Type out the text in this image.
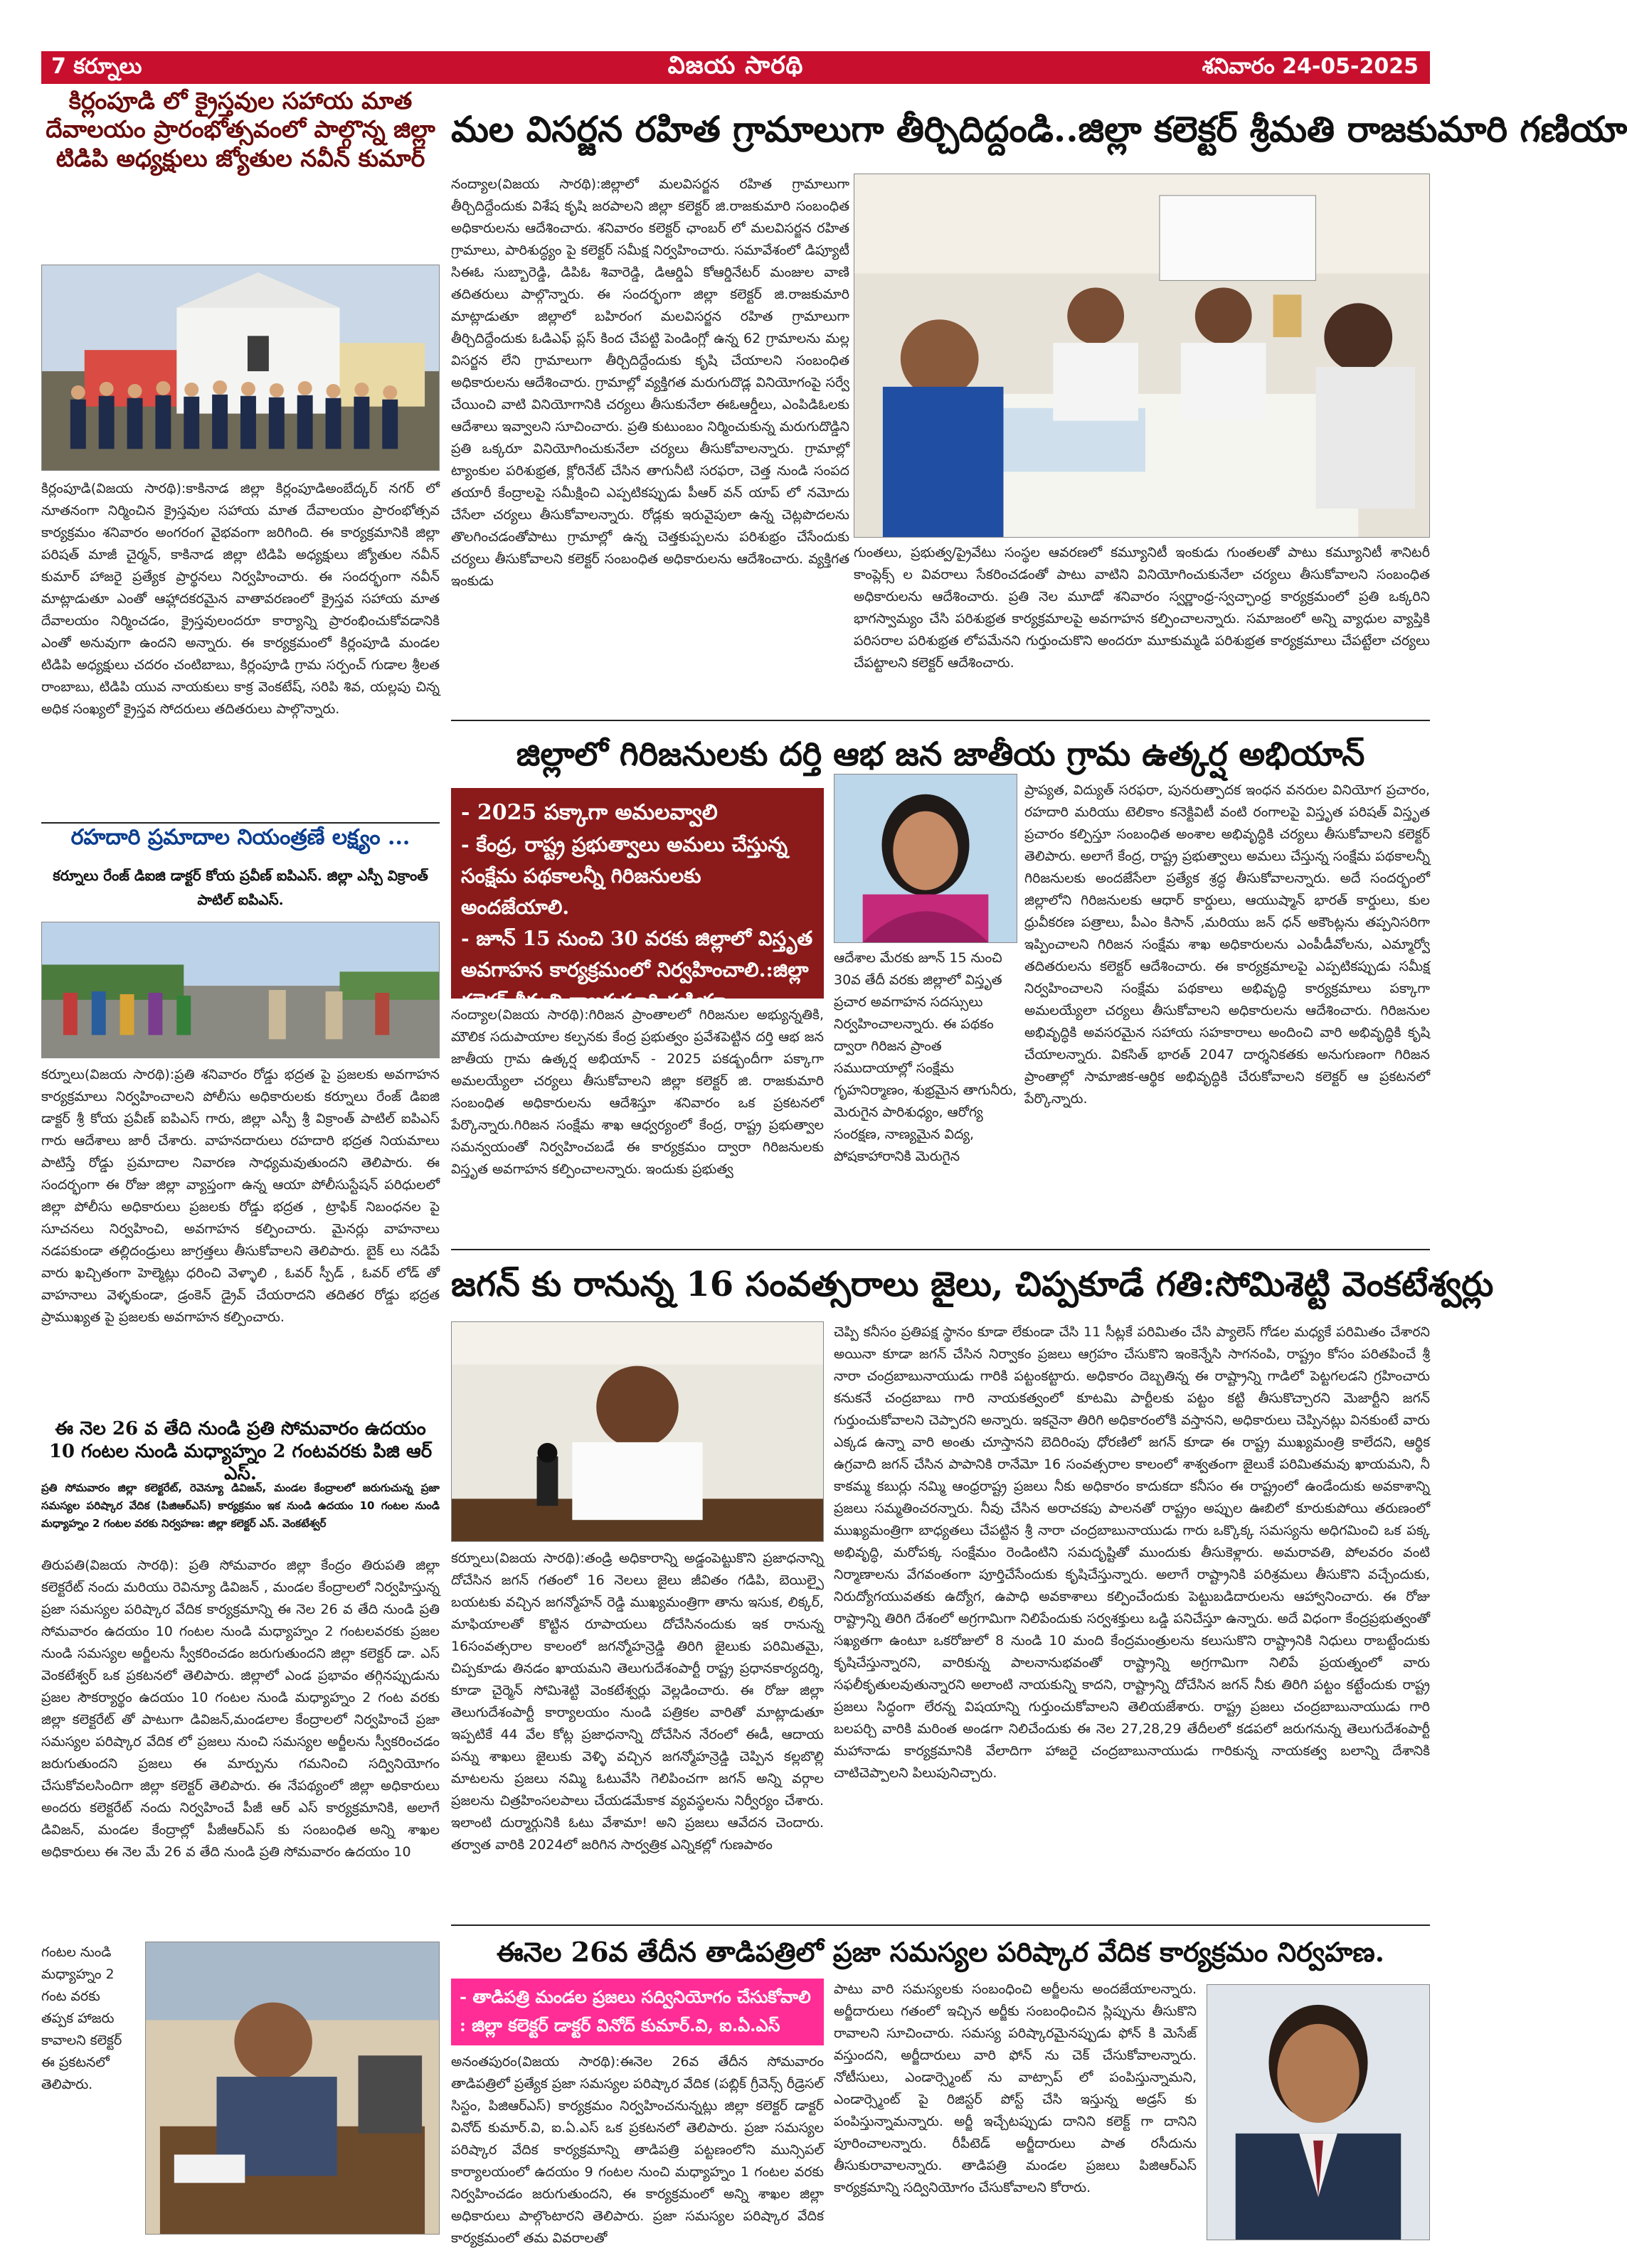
7 కర్నూలు	విజయ సారథి	శనివారం 24-05-2025
కిర్లంపూడి లో క్రైస్తవుల సహాయ మాత దేవాలయం ప్రారంభోత్సవంలో పాల్గొన్న జిల్లా టిడిపి అధ్యక్షులు జ్యోతుల నవీన్ కుమార్

కిర్లంపూడి(విజయ సారథి):కాకినాడ జిల్లా కిర్లంపూడిఅంబేద్కర్ నగర్ లో నూతనంగా నిర్మించిన క్రైస్తవుల సహాయ మాత దేవాలయం ప్రారంభోత్సవ కార్యక్రమం శనివారం అంగరంగ వైభవంగా జరిగింది. ఈ కార్యక్రమానికి జిల్లా పరిషత్ మాజీ చైర్మన్, కాకినాడ జిల్లా టిడిపి అధ్యక్షులు జ్యోతుల నవీన్ కుమార్ హాజరై ప్రత్యేక ప్రార్థనలు నిర్వహించారు. ఈ సందర్భంగా నవీన్ మాట్లాడుతూ ఎంతో ఆహ్లాదకరమైన వాతావరణంలో క్రైస్తవ సహాయ మాత దేవాలయం నిర్మించడం, క్రైస్తవులందరూ కార్యాన్ని ప్రారంభించుకోవడానికి ఎంతో అనువుగా ఉందని అన్నారు. ఈ కార్యక్రమంలో కిర్లంపూడి మండల టిడిపి అధ్యక్షులు చదరం చంటిబాబు, కిర్లంపూడి గ్రామ సర్పంచ్ గుడాల శ్రీలత రాంబాబు, టిడిపి యువ నాయకులు కాక్ర వెంకటేష్, సరిపి శివ, యల్లపు చిన్న అధిక సంఖ్యలో క్రైస్తవ సోదరులు తదితరులు పాల్గొన్నారు.

రహదారి ప్రమాదాల నియంత్రణే లక్ష్యం ...

కర్నూలు రేంజ్ డిఐజి డాక్టర్ కోయ ప్రవీణ్ ఐపిఎస్. జిల్లా ఎస్పీ విక్రాంత్ పాటిల్ ఐపిఎస్.

కర్నూలు(విజయ సారథి):ప్రతి శనివారం రోడ్డు భద్రత పై ప్రజలకు అవగాహన కార్యక్రమాలు నిర్వహించాలని పోలీసు అధికారులకు కర్నూలు రేంజ్ డిఐజి డాక్టర్ శ్రీ కోయ ప్రవీణ్ ఐపిఎస్ గారు, జిల్లా ఎస్పీ శ్రీ విక్రాంత్ పాటిల్ ఐపిఎస్ గారు ఆదేశాలు జారీ చేశారు. వాహనదారులు రహదారి భద్రత నియమాలు పాటిస్తే రోడ్డు ప్రమాదాల నివారణ సాధ్యమవుతుందని తెలిపారు. ఈ సందర్భంగా ఈ రోజు జిల్లా వ్యాప్తంగా ఉన్న ఆయా పోలీసుస్టేషన్ పరిధులలో జిల్లా పోలీసు అధికారులు ప్రజలకు రోడ్డు భద్రత , ట్రాఫిక్ నిబంధనల పై సూచనలు నిర్వహించి, అవగాహన కల్పించారు. మైనర్లు వాహనాలు నడపకుండా తల్లిదండ్రులు జాగ్రత్తలు తీసుకోవాలని తెలిపారు. బైక్ లు నడిపే వారు ఖచ్చితంగా హెల్మెట్లు ధరించి వెళ్ళాలి , ఓవర్ స్పీడ్ , ఓవర్ లోడ్ తో వాహనాలు వెళ్ళకుండా, డ్రంకెన్ డ్రైవ్ చేయరాదని తదితర రోడ్డు భద్రత ప్రాముఖ్యత పై ప్రజలకు అవగాహన కల్పించారు.

ఈ నెల 26 వ తేది నుండి ప్రతి సోమవారం ఉదయం 10 గంటల నుండి మధ్యాహ్నం 2 గంటవరకు పిజి ఆర్ ఎస్.

ప్రతి సోమవారం జిల్లా కలెక్టరేట్, రెవెన్యూ డివిజన్, మండల కేంద్రాలలో జరుగుచున్న ప్రజా సమస్యల పరిష్కార వేదిక (పిజిఆర్ఎస్) కార్యక్రమం ఇక నుండి ఉదయం 10 గంటల నుండి మధ్యాహ్నం 2 గంటల వరకు నిర్వహణ: జిల్లా కలెక్టర్ ఎస్. వెంకటేశ్వర్

తిరుపతి(విజయ సారథి): ప్రతి సోమవారం జిల్లా కేంద్రం తిరుపతి జిల్లా కలెక్టరేట్ నందు మరియు రెవిన్యూ డివిజన్ , మండల కేంద్రాలలో నిర్వహిస్తున్న ప్రజా సమస్యల పరిష్కార వేదిక కార్యక్రమాన్ని ఈ నెల 26 వ తేది నుండి ప్రతి సోమవారం ఉదయం 10 గంటల నుండి మధ్యాహ్నం 2 గంటలవరకు ప్రజల నుండి సమస్యల అర్జీలను స్వీకరించడం జరుగుతుందని జిల్లా కలెక్టర్ డా. ఎస్ వెంకటేశ్వర్ ఒక ప్రకటనలో తెలిపారు. జిల్లాలో ఎండ ప్రభావం తగ్గినప్పుడును ప్రజల సౌకర్యార్థం ఉదయం 10 గంటల నుండి మధ్యాహ్నం 2 గంట వరకు జిల్లా కలెక్టరేట్ తో పాటుగా డివిజన్,మండలాల కేంద్రాలలో నిర్వహించే ప్రజా సమస్యల పరిష్కార వేదిక లో ప్రజలు నుంచి సమస్యల అర్జీలను స్వీకరించడం జరుగుతుందని ప్రజలు ఈ మార్పును గమనించి సద్వినియోగం చేసుకోవలసిందిగా జిల్లా కలెక్టర్ తెలిపారు. ఈ నేపథ్యంలో జిల్లా అధికారులు అందరు కలెక్టరేట్ నందు నిర్వహించే పీజీ ఆర్ ఎస్ కార్యక్రమానికి, అలాగే డివిజన్, మండల కేంద్రాల్లో పీజీఆర్ఎస్ కు సంబంధిత అన్ని శాఖల అధికారులు ఈ నెల మే 26 వ తేది నుండి ప్రతి సోమవారం ఉదయం 10

గంటల నుండి మధ్యాహ్నం 2 గంట వరకు తప్పక హాజరు కావాలని కలెక్టర్ ఈ ప్రకటనలో తెలిపారు.

మల విసర్జన రహిత గ్రామాలుగా తీర్చిదిద్దండి..జిల్లా కలెక్టర్ శ్రీమతి రాజకుమారి గణియా

నంద్యాల(విజయ సారథి):జిల్లాలో మలవిసర్జన రహిత గ్రామాలుగా తీర్చిదిద్దేందుకు విశేష కృషి జరపాలని జిల్లా కలెక్టర్ జి.రాజకుమారి సంబంధిత అధికారులను ఆదేశించారు. శనివారం కలెక్టర్ ఛాంబర్ లో మలవిసర్జన రహిత గ్రామాలు, పారిశుద్ధ్యం పై కలెక్టర్ సమీక్ష నిర్వహించారు. సమావేశంలో డిప్యూటీ సిఈఓ సుబ్బారెడ్డి, డిపిఓ శివారెడ్డి, డిఆర్డిఏ కోఆర్డినేటర్ మంజుల వాణి తదితరులు పాల్గొన్నారు. ఈ సందర్భంగా జిల్లా కలెక్టర్ జి.రాజకుమారి మాట్లాడుతూ జిల్లాలో బహిరంగ మలవిసర్జన రహిత గ్రామాలుగా తీర్చిదిద్దేందుకు ఓడిఎఫ్ ప్లస్ కింద చేపట్టి పెండింగ్లో ఉన్న 62 గ్రామాలను మల్ల విసర్జన లేని గ్రామాలుగా తీర్చిదిద్దేందుకు కృషి చేయాలని సంబంధిత అధికారులను ఆదేశించారు. గ్రామాల్లో వ్యక్తిగత మరుగుదొడ్ల వినియోగంపై సర్వే చేయించి వాటి వినియోగానికి చర్యలు తీసుకునేలా ఈఓఆర్డీలు, ఎంపిడిఓలకు ఆదేశాలు ఇవ్వాలని సూచించారు. ప్రతి కుటుంబం నిర్మించుకున్న మరుగుదొడ్డిని ప్రతి ఒక్కరూ వినియోగించుకునేలా చర్యలు తీసుకోవాలన్నారు. గ్రామాల్లో ట్యాంకుల పరిశుభ్రత, క్లోరినేట్ చేసిన తాగునీటి సరఫరా, చెత్త నుండి సంపద తయారీ కేంద్రాలపై సమీక్షించి ఎప్పటికప్పుడు పీఆర్ వన్ యాప్ లో నమోదు చేసేలా చర్యలు తీసుకోవాలన్నారు. రోడ్లకు ఇరువైపులా ఉన్న చెట్లపొదలను తొలగించడంతోపాటు గ్రామాల్లో ఉన్న చెత్తకుప్పలను పరిశుభ్రం చేసేందుకు చర్యలు తీసుకోవాలని కలెక్టర్ సంబంధిత అధికారులను ఆదేశించారు. వ్యక్తిగత ఇంకుడు

గుంతలు, ప్రభుత్వ/ప్రైవేటు సంస్థల ఆవరణలో కమ్యూనిటీ ఇంకుడు గుంతలతో పాటు కమ్యూనిటీ శానిటరీ కాంప్లెక్స్ ల వివరాలు సేకరించడంతో పాటు వాటిని వినియోగించుకునేలా చర్యలు తీసుకోవాలని సంబంధిత అధికారులను ఆదేశించారు. ప్రతి నెల మూడో శనివారం స్వర్ణాంధ్ర-స్వచ్ఛాంధ్ర కార్యక్రమంలో ప్రతి ఒక్కరిని భాగస్వామ్యం చేసి పరిశుభ్రత కార్యక్రమాలపై అవగాహన కల్పించాలన్నారు. సమాజంలో అన్ని వ్యాధుల వ్యాప్తికి పరిసరాల పరిశుభ్రత లోపమేనని గుర్తుంచుకొని అందరూ మూకుమ్మడి పరిశుభ్రత కార్యక్రమాలు చేపట్టేలా చర్యలు చేపట్టాలని కలెక్టర్ ఆదేశించారు.

జిల్లాలో గిరిజనులకు దర్తి ఆభ జన జాతీయ గ్రామ ఉత్కర్ష అభియాన్
- 2025 పక్కాగా అమలవ్వాలి
- కేంద్ర, రాష్ట్ర ప్రభుత్వాలు అమలు చేస్తున్న సంక్షేమ పథకాలన్నీ గిరిజనులకు అందజేయాలి.
- జూన్ 15 నుంచి 30 వరకు జిల్లాలో విస్తృత అవగాహన కార్యక్రమంలో నిర్వహించాలి.:జిల్లా కలెక్టర్ శ్రీమతి రాజకుమారి గణియా.

ఆదేశాల మేరకు జూన్ 15 నుంచి 30వ తేదీ వరకు జిల్లాలో విస్తృత ప్రచార అవగాహన సదస్సులు నిర్వహించాలన్నారు. ఈ పథకం ద్వారా గిరిజన ప్రాంత సముదాయాల్లో సంక్షేమ గృహనిర్మాణం, శుభ్రమైన తాగునీరు, మెరుగైన పారిశుధ్యం, ఆరోగ్య సంరక్షణ, నాణ్యమైన విద్య, పోషకాహారానికి మెరుగైన

నంద్యాల(విజయ సారథి):గిరిజన ప్రాంతాలలో గిరిజనుల అభ్యున్నతికి, మౌలిక సదుపాయాల కల్పనకు కేంద్ర ప్రభుత్వం ప్రవేశపెట్టిన దర్తి ఆభ జన జాతీయ గ్రామ ఉత్కర్ష అభియాన్ - 2025 పకడ్బందీగా పక్కాగా అమలయ్యేలా చర్యలు తీసుకోవాలని జిల్లా కలెక్టర్ జి. రాజకుమారి సంబంధిత అధికారులను ఆదేశిస్తూ శనివారం ఒక ప్రకటనలో పేర్కొన్నారు.గిరిజన సంక్షేమ శాఖ ఆధ్వర్యంలో కేంద్ర, రాష్ట్ర ప్రభుత్వాల సమన్వయంతో నిర్వహించబడే ఈ కార్యక్రమం ద్వారా గిరిజనులకు విస్తృత అవగాహన కల్పించాలన్నారు. ఇందుకు ప్రభుత్వ

ప్రాప్యత, విద్యుత్ సరఫరా, పునరుత్పాదక ఇంధన వనరుల వినియోగ ప్రచారం, రహదారి మరియు టెలికాం కనెక్టివిటీ వంటి రంగాలపై విస్తృత పరిషత్ విస్తృత ప్రచారం కల్పిస్తూ సంబంధిత అంశాల అభివృద్ధికి చర్యలు తీసుకోవాలని కలెక్టర్ తెలిపారు. అలాగే కేంద్ర, రాష్ట్ర ప్రభుత్వాలు అమలు చేస్తున్న సంక్షేమ పథకాలన్నీ గిరిజనులకు అందజేసేలా ప్రత్యేక శ్రద్ధ తీసుకోవాలన్నారు. అదే సందర్భంలో జిల్లాలోని గిరిజనులకు ఆధార్ కార్డులు, ఆయుష్మాన్ భారత్ కార్డులు, కుల ధ్రువీకరణ పత్రాలు, పీఎం కిసాన్ ,మరియు జన్ ధన్ అకౌంట్లను తప్పనిసరిగా ఇప్పించాలని గిరిజన సంక్షేమ శాఖ అధికారులను ఎంపీడీవోలను, ఎమ్మార్వో తదితరులను కలెక్టర్ ఆదేశించారు. ఈ కార్యక్రమాలపై ఎప్పటికప్పుడు సమీక్ష నిర్వహించాలని సంక్షేమ పథకాలు అభివృద్ధి కార్యక్రమాలు పక్కాగా అమలయ్యేలా చర్యలు తీసుకోవాలని అధికారులను ఆదేశించారు. గిరిజనుల అభివృద్ధికి అవసరమైన సహాయ సహకారాలు అందించి వారి అభివృద్ధికి కృషి చేయాలన్నారు. వికసిత్ భారత్ 2047 దార్శనికతకు అనుగుణంగా గిరిజన ప్రాంతాల్లో సామాజిక-ఆర్థిక అభివృద్ధికి చేరుకోవాలని కలెక్టర్ ఆ ప్రకటనలో పేర్కొన్నారు.

జగన్ కు రానున్న 16 సంవత్సరాలు జైలు, చిప్పకూడే గతి:సోమిశెట్టి వెంకటేశ్వర్లు

కర్నూలు(విజయ సారథి):తండ్రి అధికారాన్ని అడ్డంపెట్టుకొని ప్రజాధనాన్ని దోచేసిన జగన్ గతంలో 16 నెలలు జైలు జీవితం గడిపి, బెయిల్పై బయటకు వచ్చిన జగన్మోహన్ రెడ్డి ముఖ్యమంత్రిగా తాను ఇసుక, లిక్కర్, మాఫియాలతో కొట్టిన రూపాయలు దోచేసినందుకు ఇక రానున్న 16సంవత్సరాల కాలంలో జగన్మోహన్రెడ్డి తిరిగి జైలుకు పరిమితమై, చిప్పకూడు తినడం ఖాయమని తెలుగుదేశంపార్టీ రాష్ట్ర ప్రధానకార్యదర్శి, కూడా చైర్మెన్ సోమిశెట్టి వెంకటేశ్వర్లు వెల్లడించారు. ఈ రోజు జిల్లా తెలుగుదేశంపార్టీ కార్యాలయం నుండి పత్రికల వారితో మాట్లాడుతూ ఇప్పటికే 44 వేల కోట్ల ప్రజాధనాన్ని దోచేసిన నేరంలో ఈడీ, ఆదాయ పన్ను శాఖలు జైలుకు వెళ్ళి వచ్చిన జగన్మోహన్రెడ్డి చెప్పిన కల్లబొల్లి మాటలను ప్రజలు నమ్మి ఓటువేసి గెలిపించగా జగన్ అన్ని వర్గాల ప్రజలను చిత్రహింసలపాలు చేయడమేకాక వ్యవస్థలను నిర్వీర్యం చేశారు. ఇలాంటి దుర్మార్గునికి ఓటు వేశామా! అని ప్రజలు ఆవేదన చెందారు. తర్వాత వారికి 2024లో జరిగిన సార్వత్రిక ఎన్నికల్లో గుణపాఠం

చెప్పి కనీసం ప్రతిపక్ష స్థానం కూడా లేకుండా చేసి 11 సీట్లకే పరిమితం చేసి ప్యాలెస్ గోడల మధ్యకే పరిమితం చేశారని అయినా కూడా జగన్ చేసిన నిర్వాకం ప్రజలు ఆగ్రహం చేసుకొని ఇంకెన్నేసి సాగనంపి, రాష్ట్రం కోసం పరితపించే శ్రీ నారా చంద్రబాబునాయుడు గారికి పట్టంకట్టారు. అధికారం దెబ్బతిన్న ఈ రాష్ట్రాన్ని గాడిలో పెట్టగలడని గ్రహించారు కనుకనే చంద్రబాబు గారి నాయకత్వంలో కూటమి పార్టీలకు పట్టం కట్టి తీసుకొచ్చారని మెజార్టీని జగన్ గుర్తుంచుకోవాలని చెప్పారని అన్నారు. ఇకనైనా తిరిగి అధికారంలోకి వస్తానని, అధికారులు చెప్పినట్లు వినకుంటే వారు ఎక్కడ ఉన్నా వారి అంతు చూస్తానని బెదిరింపు ధోరణిలో జగన్ కూడా ఈ రాష్ట్ర ముఖ్యమంత్రి కాలేదని, ఆర్థిక ఉగ్రవాది జగన్ చేసిన పాపానికి రానేమో 16 సంవత్సరాల కాలంలో శాశ్వతంగా జైలుకే పరిమితమవు ఖాయమని, నీ కాకమ్మ కబుర్లు నమ్మి ఆంధ్రరాష్ట్ర ప్రజలు నీకు అధికారం కాదుకదా కనీసం ఈ రాష్ట్రంలో ఉండేందుకు అవకాశాన్ని ప్రజలు సమ్మతించరన్నారు. నీవు చేసిన అరాచకపు పాలనతో రాష్ట్రం అప్పుల ఊబిలో కూరుకుపోయి తరుణంలో ముఖ్యమంత్రిగా బాధ్యతలు చేపట్టిన శ్రీ నారా చంద్రబాబునాయుడు గారు ఒక్కొక్క సమస్యను అధిగమించి ఒక పక్క అభివృద్ధి, మరోపక్క సంక్షేమం రెండింటిని సమదృష్టితో ముందుకు తీసుకెళ్లారు. అమరావతి, పోలవరం వంటి నిర్మాణాలను వేగవంతంగా పూర్తిచేసేందుకు కృషిచేస్తున్నారు. అలాగే రాష్ట్రానికి పరిశ్రమలు తీసుకొని వచ్చేందుకు, నిరుద్యోగయువతకు ఉద్యోగ, ఉపాధి అవకాశాలు కల్పించేందుకు పెట్టుబడిదారులను ఆహ్వానించారు. ఈ రోజు రాష్ట్రాన్ని తిరిగి దేశంలో అగ్రగామిగా నిలిపేందుకు సర్వశక్తులు ఒడ్డి పనిచేస్తూ ఉన్నారు. అదే విధంగా కేంద్రప్రభుత్వంతో సఖ్యతగా ఉంటూ ఒకరోజులో 8 నుండి 10 మంది కేంద్రమంత్రులను కలుసుకొని రాష్ట్రానికి నిధులు రాబట్టేందుకు కృషిచేస్తున్నారని, వారికున్న పాలనానుభవంతో రాష్ట్రాన్ని అగ్రగామిగా నిలిపే ప్రయత్నంలో వారు సఫలీకృతులవుతున్నారని అలాంటి నాయకున్ని కాదని, రాష్ట్రాన్ని దోచేసిన జగన్ నీకు తిరిగి పట్టం కట్టేందుకు రాష్ట్ర ప్రజలు సిద్ధంగా లేరన్న విషయాన్ని గుర్తుంచుకోవాలని తెలియజేశారు. రాష్ట్ర ప్రజలు చంద్రబాబునాయుడు గారి బలపర్చి వారికి మరింత అండగా నిలిచేందుకు ఈ నెల 27,28,29 తేదీలలో కడపలో జరుగనున్న తెలుగుదేశంపార్టీ మహానాడు కార్యక్రమానికి వేలాదిగా హాజరై చంద్రబాబునాయుడు గారికున్న నాయకత్వ బలాన్ని దేశానికి చాటిచెప్పాలని పిలుపునిచ్చారు.

ఈనెల 26వ తేదీన తాడిపత్రిలో ప్రజా సమస్యల పరిష్కార వేదిక కార్యక్రమం నిర్వహణ.
- తాడిపత్రి మండల ప్రజలు సద్వినియోగం చేసుకోవాలి : జిల్లా కలెక్టర్ డాక్టర్ వినోద్ కుమార్.వి, ఐ.ఏ.ఎస్

అనంతపురం(విజయ సారథి):ఈనెల 26వ తేదీన సోమవారం తాడిపత్రిలో ప్రత్యేక ప్రజా సమస్యల పరిష్కార వేదిక (పబ్లిక్ గ్రీవెన్స్ రీడ్రెసల్ సిస్టం, పిజిఆర్ఎస్) కార్యక్రమం నిర్వహించనున్నట్లు జిల్లా కలెక్టర్ డాక్టర్ వినోద్ కుమార్.వి, ఐ.ఏ.ఎస్ ఒక ప్రకటనలో తెలిపారు. ప్రజా సమస్యల పరిష్కార వేదిక కార్యక్రమాన్ని తాడిపత్రి పట్టణంలోని మున్సిపల్ కార్యాలయంలో ఉదయం 9 గంటల నుంచి మధ్యాహ్నం 1 గంటల వరకు నిర్వహించడం జరుగుతుందని, ఈ కార్యక్రమంలో అన్ని శాఖల జిల్లా అధికారులు పాల్గొంటారని తెలిపారు. ప్రజా సమస్యల పరిష్కార వేదిక కార్యక్రమంలో తమ వివరాలతో

పాటు వారి సమస్యలకు సంబంధించి అర్జీలను అందజేయాలన్నారు. అర్జీదారులు గతంలో ఇచ్చిన అర్జీకు సంబంధించిన స్లిప్పును తీసుకొని రావాలని సూచించారు. సమస్య పరిష్కారమైనప్పుడు ఫోన్ కి మెసేజ్ వస్తుందని, అర్జీదారులు వారి ఫోన్ ను చెక్ చేసుకోవాలన్నారు. నోటీసులు, ఎండార్స్మెంట్ ను వాట్సాప్ లో పంపిస్తున్నామని, ఎండార్స్మెంట్ పై రిజిస్టర్ పోస్ట్ చేసి ఇస్తున్న అడ్రస్ కు పంపిస్తున్నామన్నారు. అర్జీ ఇచ్చేటప్పుడు దానిని కలెక్ట్ గా దానిని పూరించాలన్నారు. రీపీటెడ్ అర్జీదారులు పాత రసీదును తీసుకురావాలన్నారు. తాడిపత్రి మండల ప్రజలు పిజిఆర్ఎస్ కార్యక్రమాన్ని సద్వినియోగం చేసుకోవాలని కోరారు.
